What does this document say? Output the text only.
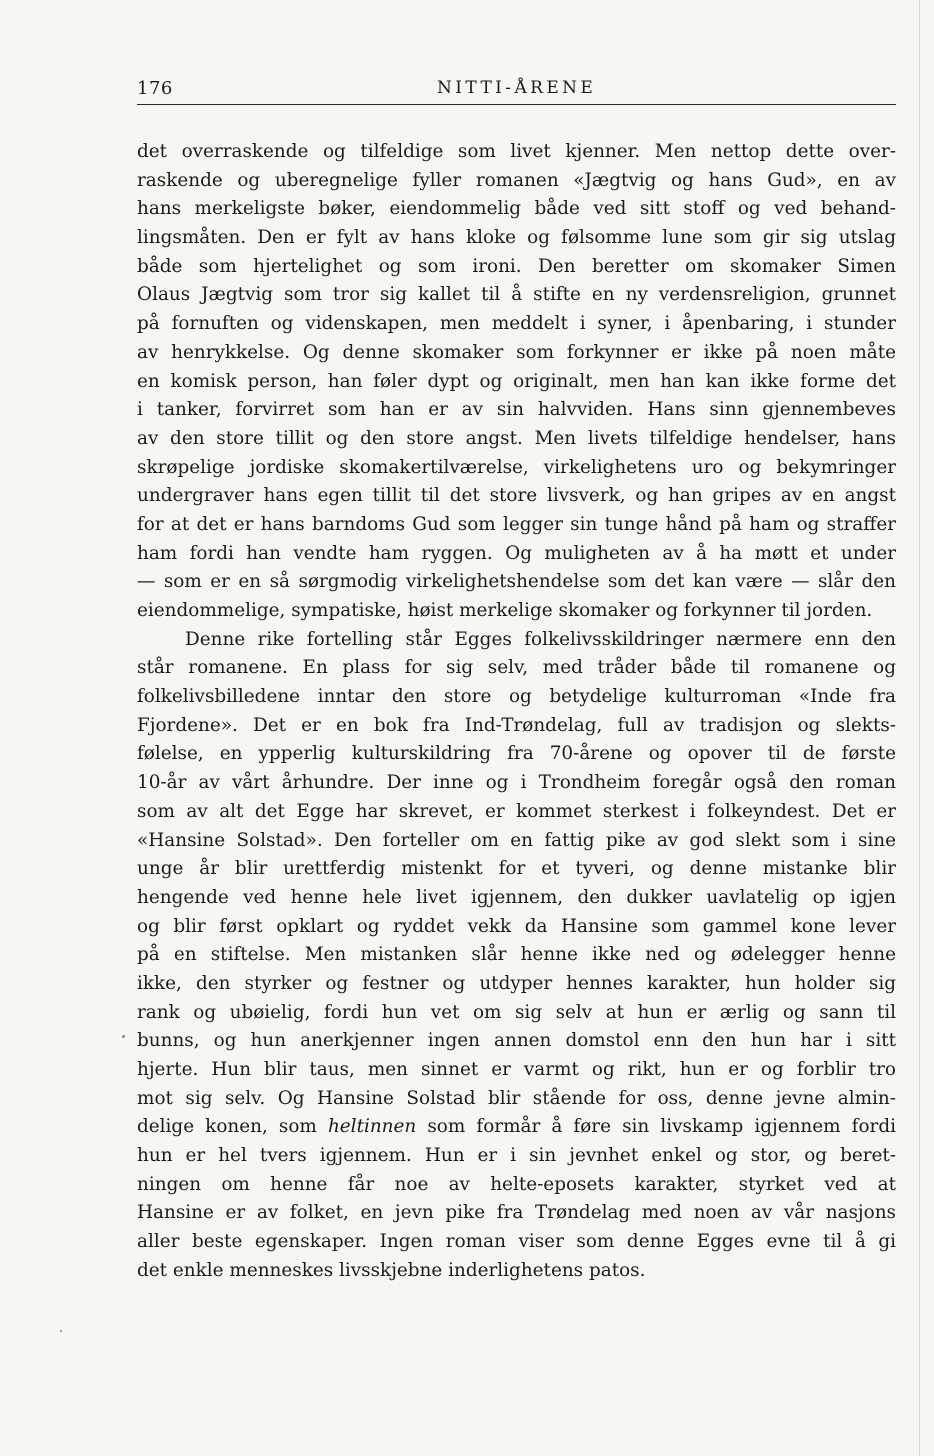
176	NITTI-ÅRENE
det overraskende og tilfeldige som livet kjenner. Men nettop dette over-
raskende og uberegnelige fyller romanen «Jægtvig og hans Gud», en av
hans merkeligste bøker, eiendommelig både ved sitt stoff og ved behand-
lingsmåten. Den er fylt av hans kloke og følsomme lune som gir sig utslag
både som hjertelighet og som ironi. Den beretter om skomaker Simen
Olaus Jægtvig som tror sig kallet til å stifte en ny verdensreligion, grunnet
på fornuften og videnskapen, men meddelt i syner, i åpenbaring, i stunder
av henrykkelse. Og denne skomaker som forkynner er ikke på noen måte
en komisk person, han føler dypt og originalt, men han kan ikke forme det
i tanker, forvirret som han er av sin halvviden. Hans sinn gjennembeves
av den store tillit og den store angst. Men livets tilfeldige hendelser, hans
skrøpelige jordiske skomakertilværelse, virkelighetens uro og bekymringer
undergraver hans egen tillit til det store livsverk, og han gripes av en angst
for at det er hans barndoms Gud som legger sin tunge hånd på ham og straffer
ham fordi han vendte ham ryggen. Og muligheten av å ha møtt et under
— som er en så sørgmodig virkelighetshendelse som det kan være — slår den
eiendommelige, sympatiske, høist merkelige skomaker og forkynner til jorden.
Denne rike fortelling står Egges folkelivsskildringer nærmere enn den
står romanene. En plass for sig selv, med tråder både til romanene og
folkelivsbilledene inntar den store og betydelige kulturroman «Inde fra
Fjordene». Det er en bok fra Ind-Trøndelag, full av tradisjon og slekts-
følelse, en ypperlig kulturskildring fra 70-årene og opover til de første
10-år av vårt århundre. Der inne og i Trondheim foregår også den roman
som av alt det Egge har skrevet, er kommet sterkest i folkeyndest. Det er
«Hansine Solstad». Den forteller om en fattig pike av god slekt som i sine
unge år blir urettferdig mistenkt for et tyveri, og denne mistanke blir
hengende ved henne hele livet igjennem, den dukker uavlatelig op igjen
og blir først opklart og ryddet vekk da Hansine som gammel kone lever
på en stiftelse. Men mistanken slår henne ikke ned og ødelegger henne
ikke, den styrker og festner og utdyper hennes karakter, hun holder sig
rank og ubøielig, fordi hun vet om sig selv at hun er ærlig og sann til
bunns, og hun anerkjenner ingen annen domstol enn den hun har i sitt
hjerte. Hun blir taus, men sinnet er varmt og rikt, hun er og forblir tro
mot sig selv. Og Hansine Solstad blir stående for oss, denne jevne almin-
delige konen, som heltinnen som formår å føre sin livskamp igjennem fordi
hun er hel tvers igjennem. Hun er i sin jevnhet enkel og stor, og beret-
ningen om henne får noe av helte-eposets karakter, styrket ved at
Hansine er av folket, en jevn pike fra Trøndelag med noen av vår nasjons
aller beste egenskaper. Ingen roman viser som denne Egges evne til å gi
det enkle menneskes livsskjebne inderlighetens patos.
